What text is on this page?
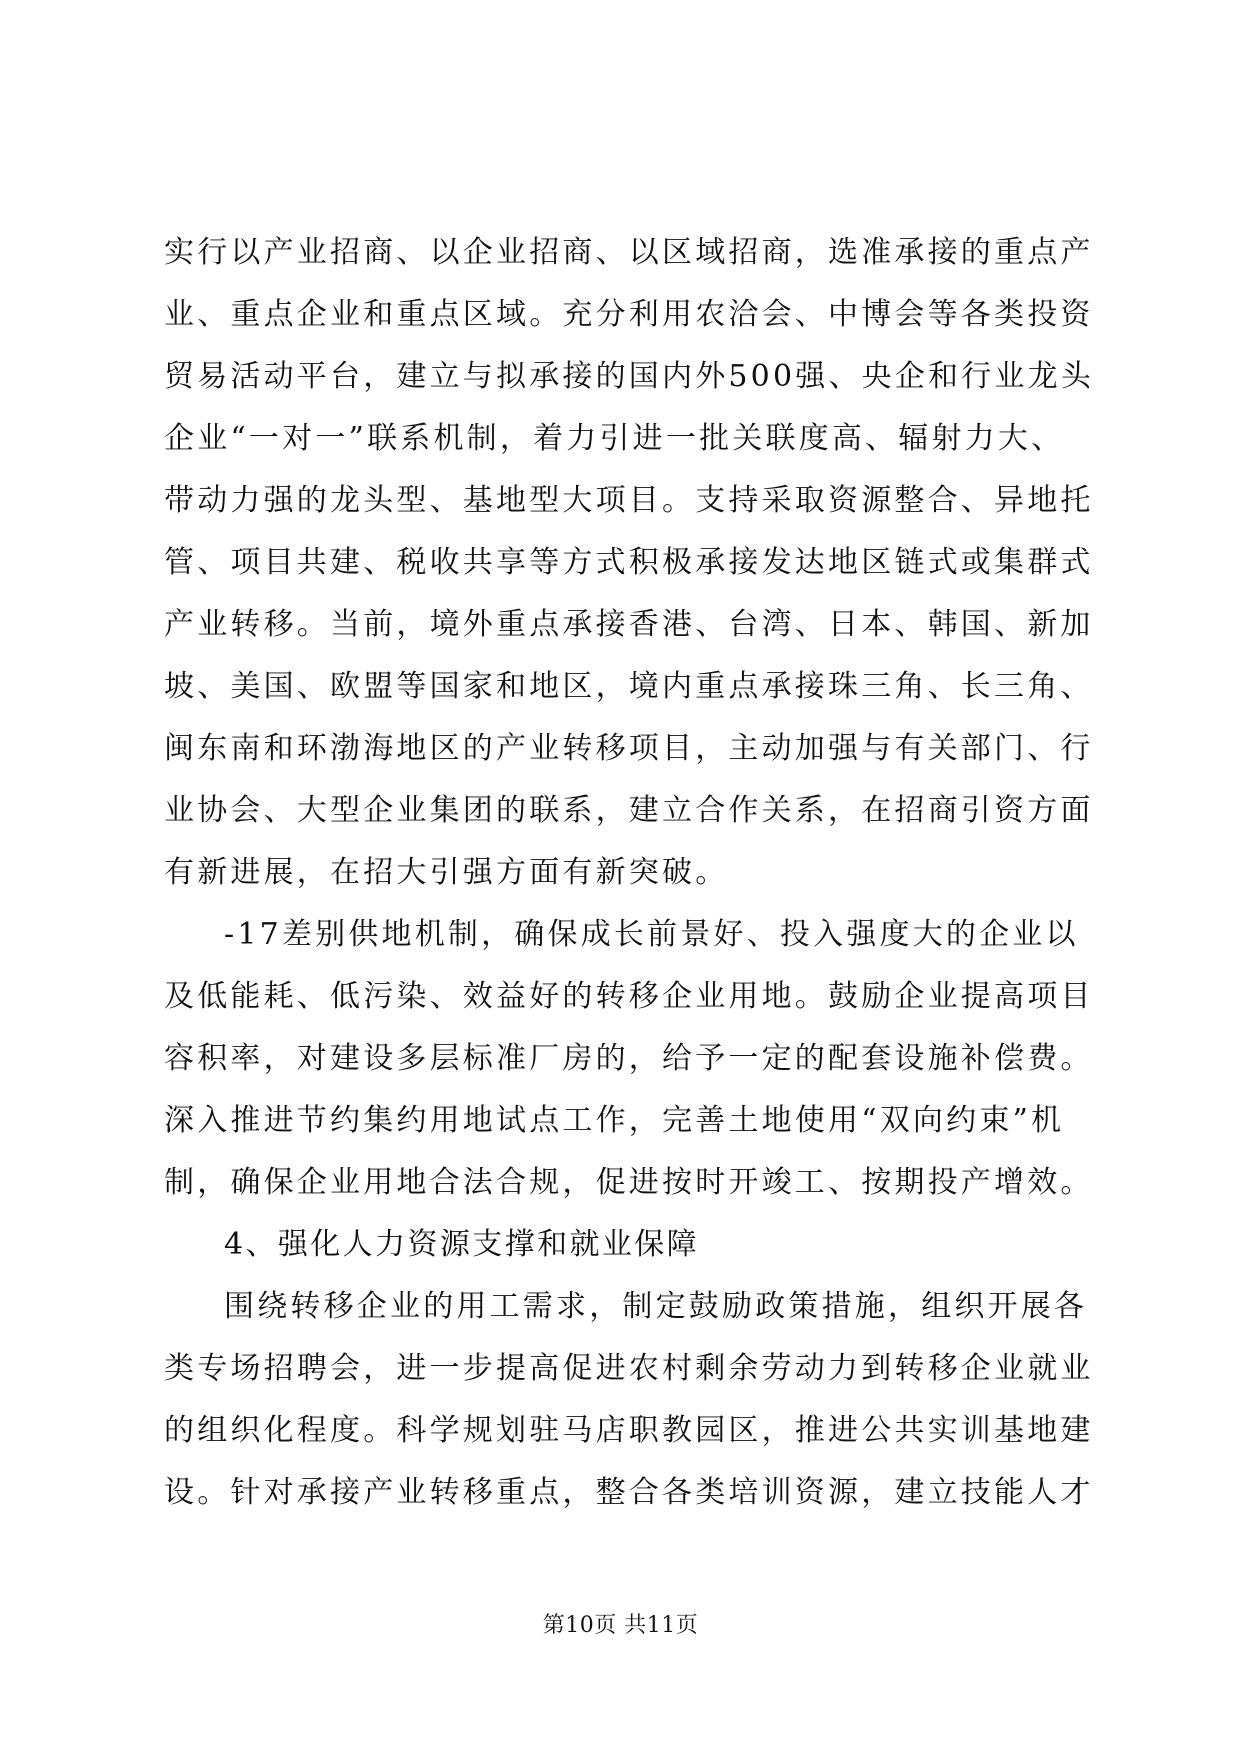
实行以产业招商、以企业招商、以区域招商，选准承接的重点产
业、重点企业和重点区域。充分利用农洽会、中博会等各类投资
贸易活动平台，建立与拟承接的国内外500强、央企和行业龙头
企业“一对一”联系机制，着力引进一批关联度高、辐射力大、
带动力强的龙头型、基地型大项目。支持采取资源整合、异地托
管、项目共建、税收共享等方式积极承接发达地区链式或集群式
产业转移。当前，境外重点承接香港、台湾、日本、韩国、新加
坡、美国、欧盟等国家和地区，境内重点承接珠三角、长三角、
闽东南和环渤海地区的产业转移项目，主动加强与有关部门、行
业协会、大型企业集团的联系，建立合作关系，在招商引资方面
有新进展，在招大引强方面有新突破。
-17差别供地机制，确保成长前景好、投入强度大的企业以
及低能耗、低污染、效益好的转移企业用地。鼓励企业提高项目
容积率，对建设多层标准厂房的，给予一定的配套设施补偿费。
深入推进节约集约用地试点工作，完善土地使用“双向约束”机
制，确保企业用地合法合规，促进按时开竣工、按期投产增效。
4、强化人力资源支撑和就业保障
围绕转移企业的用工需求，制定鼓励政策措施，组织开展各
类专场招聘会，进一步提高促进农村剩余劳动力到转移企业就业
的组织化程度。科学规划驻马店职教园区，推进公共实训基地建
设。针对承接产业转移重点，整合各类培训资源，建立技能人才
第10页 共11页
